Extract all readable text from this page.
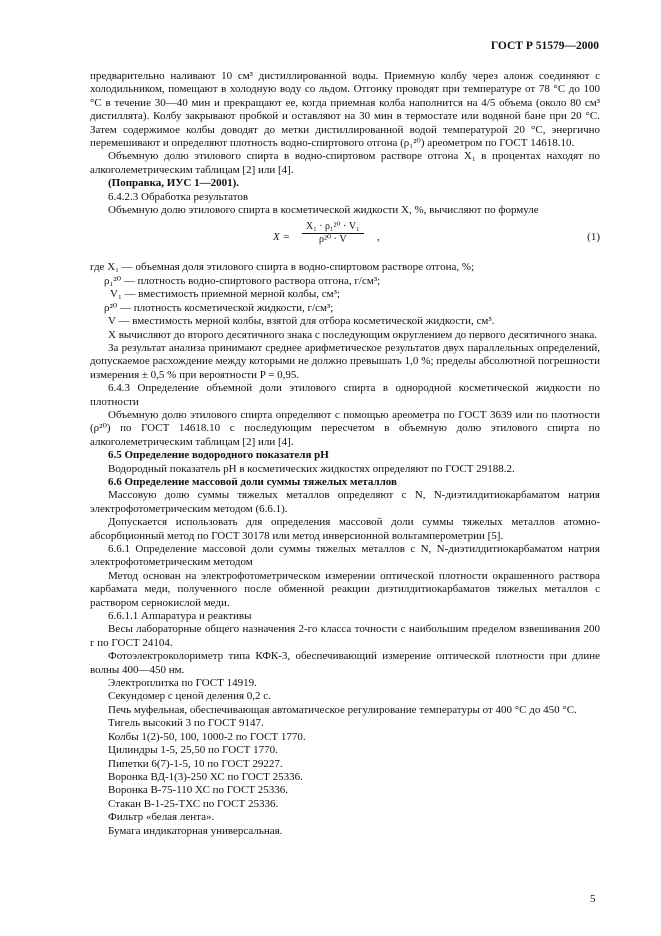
ГОСТ Р 51579—2000

предварительно наливают 10 см³ дистиллированной воды. Приемную колбу через алонж соединяют с холодильником, помещают в холодную воду со льдом. Отгонку проводят при температуре от 78 °С до 100 °С в течение 30—40 мин и прекращают ее, когда приемная колба наполнится на 4/5 объема (около 80 см³ дистиллята). Колбу закрывают пробкой и оставляют на 30 мин в термостате или водяной бане при 20 °С. Затем содержимое колбы доводят до метки дистиллированной водой температурой 20 °С, энергично перемешивают и определяют плотность водно-спиртового отгона (ρ₁²⁰) ареометром по ГОСТ 14618.10.

Объемную долю этилового спирта в водно-спиртовом растворе отгона X₁ в процентах находят по алкоголеметрическим таблицам [2] или [4].

(Поправка, ИУС 1—2001).

6.4.2.3 Обработка результатов

Объемную долю этилового спирта в косметической жидкости X, %, вычисляют по формуле

$X = \frac{\text{X₁ · ρ₁²⁰ · V₁}}{\text{ρ²⁰ · V}}$ ,	(1)

где X₁ — объемная доля этилового спирта в водно-спиртовом растворе отгона, %;

ρ₁²⁰ — плотность водно-спиртового раствора отгона, г/см³;

V₁ — вместимость приемной мерной колбы, см³;

ρ²⁰ — плотность косметической жидкости, г/см³;

V — вместимость мерной колбы, взятой для отбора косметической жидкости, см³.

X вычисляют до второго десятичного знака с последующим округлением до первого десятичного знака.

За результат анализа принимают среднее арифметическое результатов двух параллельных определений, допускаемое расхождение между которыми не должно превышать 1,0 %; пределы абсолютной погрешности измерения ± 0,5 % при вероятности P = 0,95.

6.4.3 Определение объемной доли этилового спирта в однородной косметической жидкости по плотности

Объемную долю этилового спирта определяют с помощью ареометра по ГОСТ 3639 или по плотности (ρ²⁰) по ГОСТ 14618.10 с последующим пересчетом в объемную долю этилового спирта по алкоголеметрическим таблицам [2] или [4].

6.5 Определение водородного показателя pH

Водородный показатель pH в косметических жидкостях определяют по ГОСТ 29188.2.

6.6 Определение массовой доли суммы тяжелых металлов

Массовую долю суммы тяжелых металлов определяют с N, N-диэтилдитиокарбаматом натрия электрофотометрическим методом (6.6.1).

Допускается использовать для определения массовой доли суммы тяжелых металлов атомно-абсорбционный метод по ГОСТ 30178 или метод инверсионной вольтамперометрии [5].

6.6.1 Определение массовой доли суммы тяжелых металлов с N, N-диэтилдитиокарбаматом натрия электрофотометрическим методом

Метод основан на электрофотометрическом измерении оптической плотности окрашенного раствора карбамата меди, полученного после обменной реакции диэтилдитиокарбаматов тяжелых металлов с раствором сернокислой меди.

6.6.1.1 Аппаратура и реактивы

Весы лабораторные общего назначения 2-го класса точности с наибольшим пределом взвешивания 200 г по ГОСТ 24104.

Фотоэлектроколориметр типа КФК-3, обеспечивающий измерение оптичеcкой плотности при длине волны 400—450 нм.

Электроплитка по ГОСТ 14919.

Секундомер с ценой деления 0,2 с.

Печь муфельная, обеспечивающая автоматическое регулирование температуры от 400 °С до 450 °С.

Тигель высокий 3 по ГОСТ 9147.

Колбы 1(2)-50, 100, 1000-2 по ГОСТ 1770.

Цилиндры 1-5, 25,50 по ГОСТ 1770.

Пипетки 6(7)-1-5, 10 по ГОСТ 29227.

Воронка ВД-1(3)-250 ХС по ГОСТ 25336.

Воронка В-75-110 ХС по ГОСТ 25336.

Стакан В-1-25-ТХС по ГОСТ 25336.

Фильтр «белая лента».

Бумага индикаторная универсальная.

5
